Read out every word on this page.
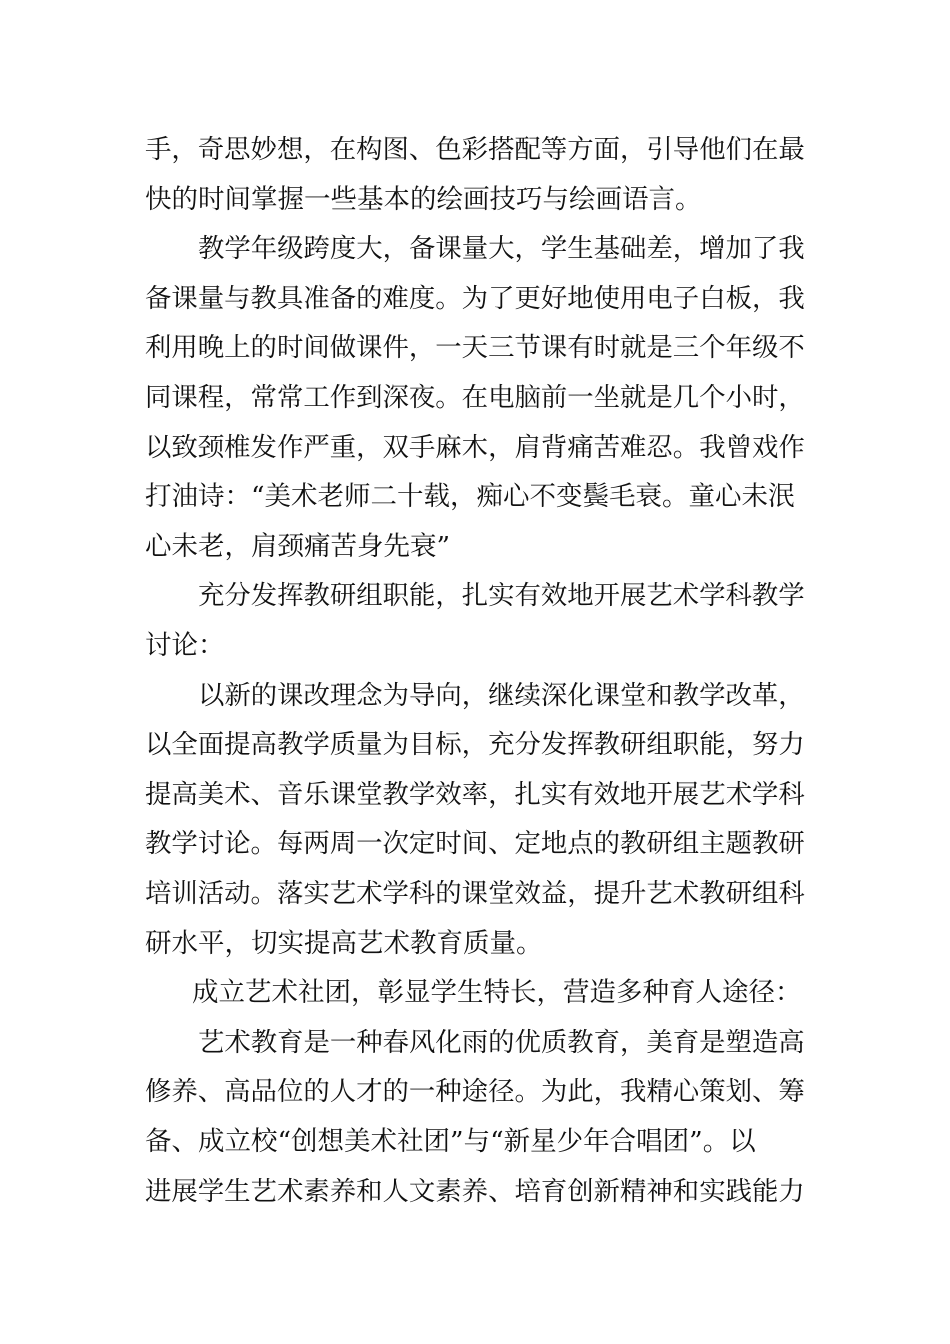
手，奇思妙想，在构图、色彩搭配等方面，引导他们在最
快的时间掌握一些基本的绘画技巧与绘画语言。
教学年级跨度大，备课量大，学生基础差，增加了我
备课量与教具准备的难度。为了更好地使用电子白板，我
利用晚上的时间做课件，一天三节课有时就是三个年级不
同课程，常常工作到深夜。在电脑前一坐就是几个小时，
以致颈椎发作严重，双手麻木，肩背痛苦难忍。我曾戏作
打油诗：“美术老师二十载，痴心不变鬓毛衰。童心未泯
心未老，肩颈痛苦身先衰”
充分发挥教研组职能，扎实有效地开展艺术学科教学
讨论：
以新的课改理念为导向，继续深化课堂和教学改革，
以全面提高教学质量为目标，充分发挥教研组职能，努力
提高美术、音乐课堂教学效率，扎实有效地开展艺术学科
教学讨论。每两周一次定时间、定地点的教研组主题教研
培训活动。落实艺术学科的课堂效益，提升艺术教研组科
研水平，切实提高艺术教育质量。
成立艺术社团，彰显学生特长，营造多种育人途径：
艺术教育是一种春风化雨的优质教育，美育是塑造高
修养、高品位的人才的一种途径。为此，我精心策划、筹
备、成立校“创想美术社团”与“新星少年合唱团”。以
进展学生艺术素养和人文素养、培育创新精神和实践能力
